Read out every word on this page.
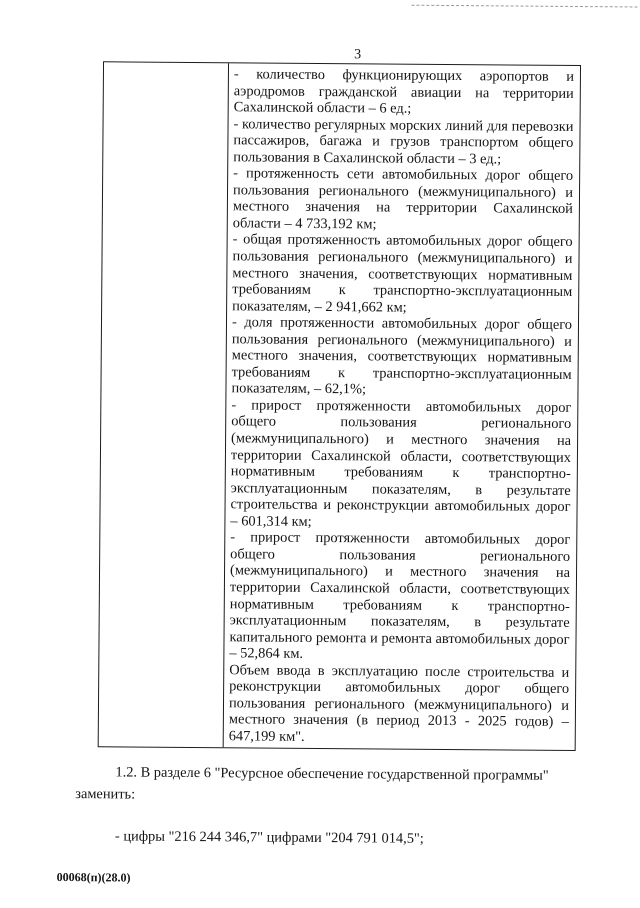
3

- количество функционирующих аэропортов и аэродромов гражданской авиации на территории Сахалинской области – 6 ед.;

- количество регулярных морских линий для перевозки пассажиров, багажа и грузов транспортом общего пользования в Сахалинской области – 3 ед.;

- протяженность сети автомобильных дорог общего пользования регионального (межмуниципального) и местного значения на территории Сахалинской области – 4 733,192 км;

- общая протяженность автомобильных дорог общего пользования регионального (межмуниципального) и местного значения, соответствующих нормативным требованиям к транспортно-эксплуатационным показателям, – 2 941,662 км;

- доля протяженности автомобильных дорог общего пользования регионального (межмуниципального) и местного значения, соответствующих нормативным требованиям к транспортно-эксплуатационным показателям, – 62,1%;

- прирост протяженности автомобильных дорог общего пользования регионального (межмуниципального) и местного значения на территории Сахалинской области, соответствующих нормативным требованиям к транспортно-эксплуатационным показателям, в результате строительства и реконструкции автомобильных дорог – 601,314 км;

- прирост протяженности автомобильных дорог общего пользования регионального (межмуниципального) и местного значения на территории Сахалинской области, соответствующих нормативным требованиям к транспортно-эксплуатационным показателям, в результате капитального ремонта и ремонта автомобильных дорог – 52,864 км.

Объем ввода в эксплуатацию после строительства и реконструкции автомобильных дорог общего пользования регионального (межмуниципального) и местного значения (в период 2013 - 2025 годов) – 647,199 км".

1.2. В разделе 6 "Ресурсное обеспечение государственной программы"

заменить:

- цифры "216 244 346,7" цифрами "204 791 014,5";

00068(п)(28.0)
